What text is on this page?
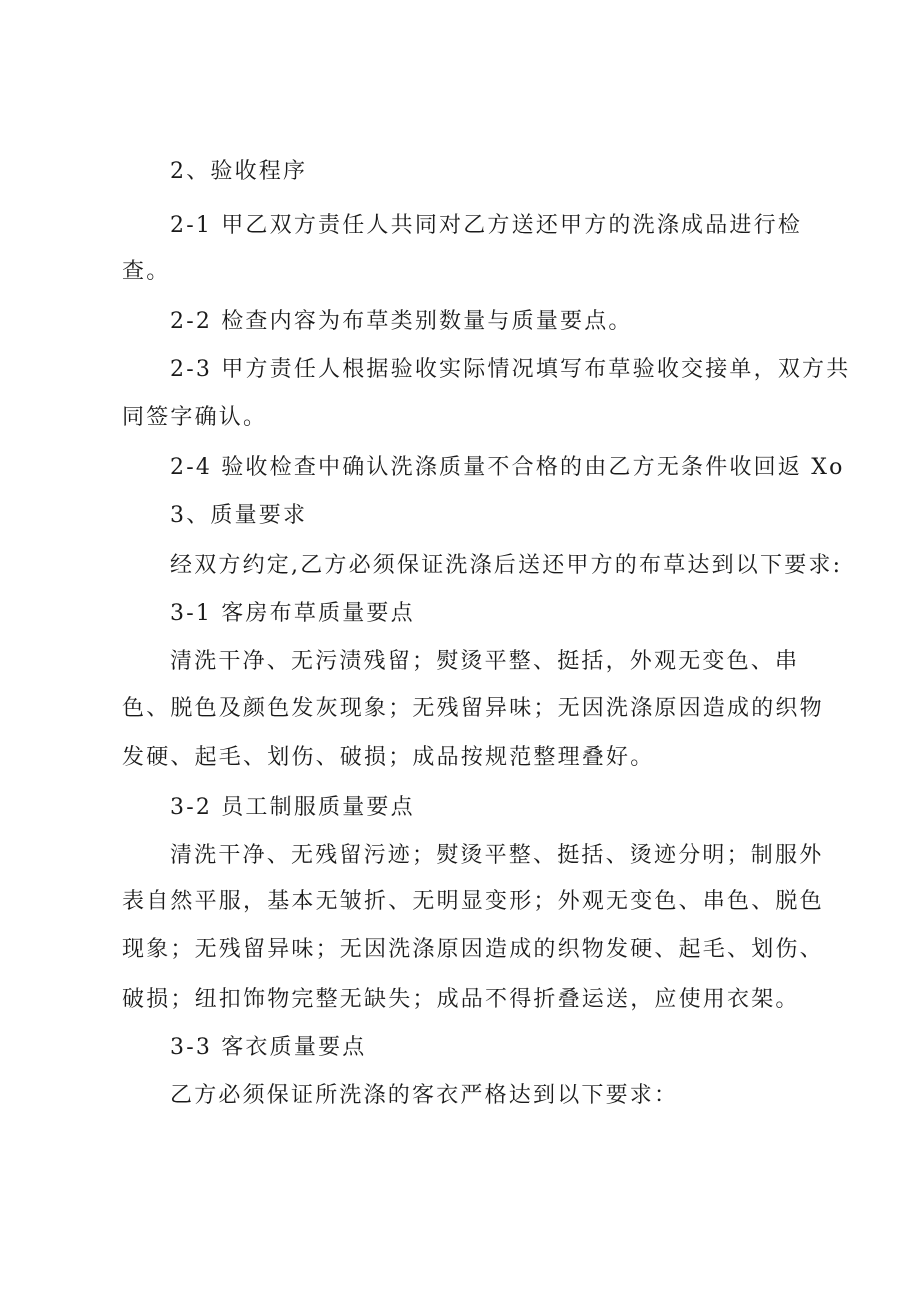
2、验收程序
2-1 甲乙双方责任人共同对乙方送还甲方的洗涤成品进行检
查。
2-2 检查内容为布草类别数量与质量要点。
2-3 甲方责任人根据验收实际情况填写布草验收交接单，双方共
同签字确认。
2-4 验收检查中确认洗涤质量不合格的由乙方无条件收回返 Xo
3、质量要求
经双方约定,乙方必须保证洗涤后送还甲方的布草达到以下要求:
3-1 客房布草质量要点
清洗干净、无污渍残留；熨烫平整、挺括，外观无变色、串
色、脱色及颜色发灰现象；无残留异味；无因洗涤原因造成的织物
发硬、起毛、划伤、破损；成品按规范整理叠好。
3-2 员工制服质量要点
清洗干净、无残留污迹；熨烫平整、挺括、烫迹分明；制服外
表自然平服，基本无皱折、无明显变形；外观无变色、串色、脱色
现象；无残留异味；无因洗涤原因造成的织物发硬、起毛、划伤、
破损；纽扣饰物完整无缺失；成品不得折叠运送，应使用衣架。
3-3 客衣质量要点
乙方必须保证所洗涤的客衣严格达到以下要求：
